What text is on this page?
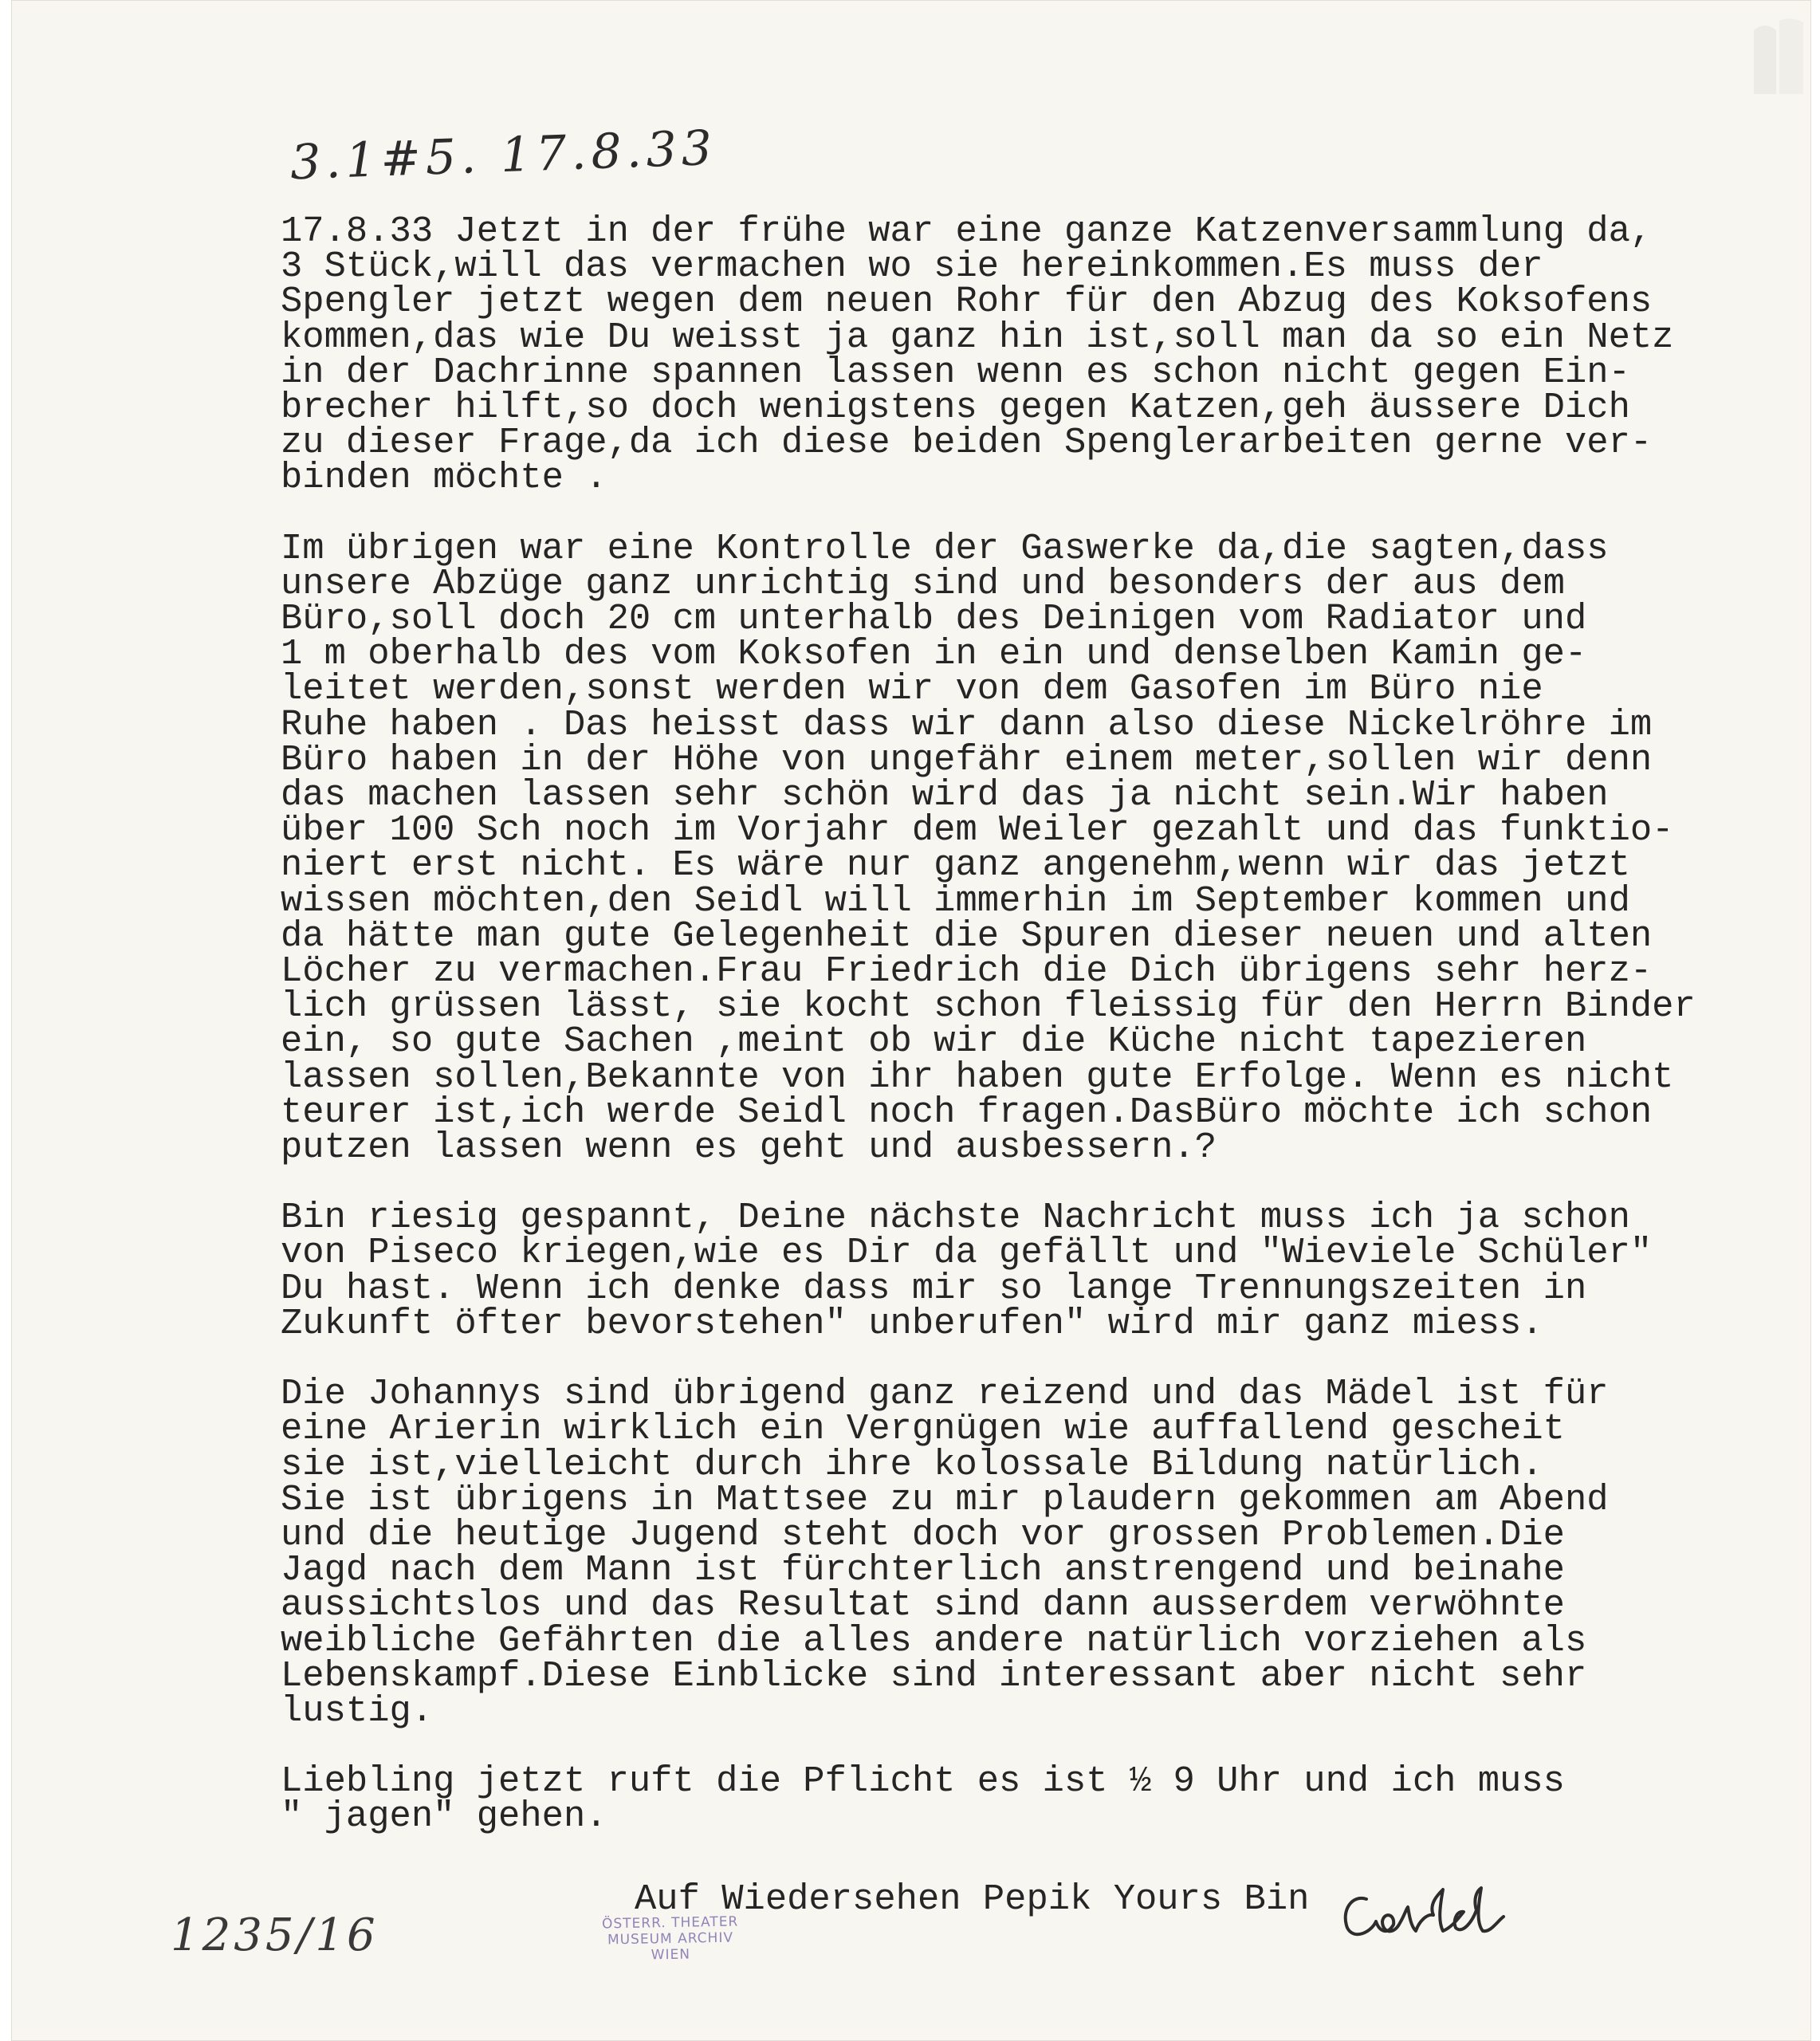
3.1#5. 17.8.33
17.8.33 Jetzt in der frühe war eine ganze Katzenversammlung da,
3 Stück,will das vermachen wo sie hereinkommen.Es muss der
Spengler jetzt wegen dem neuen Rohr für den Abzug des Koksofens
kommen,das wie Du weisst ja ganz hin ist,soll man da so ein Netz
in der Dachrinne spannen lassen wenn es schon nicht gegen Ein-
brecher hilft,so doch wenigstens gegen Katzen,geh äussere Dich
zu dieser Frage,da ich diese beiden Spenglerarbeiten gerne ver-
binden möchte .
Im übrigen war eine Kontrolle der Gaswerke da,die sagten,dass
unsere Abzüge ganz unrichtig sind und besonders der aus dem
Büro,soll doch 20 cm unterhalb des Deinigen vom Radiator und
1 m oberhalb des vom Koksofen in ein und denselben Kamin ge-
leitet werden,sonst werden wir von dem Gasofen im Büro nie
Ruhe haben . Das heisst dass wir dann also diese Nickelröhre im
Büro haben in der Höhe von ungefähr einem meter,sollen wir denn
das machen lassen sehr schön wird das ja nicht sein.Wir haben
über 100 Sch noch im Vorjahr dem Weiler gezahlt und das funktio-
niert erst nicht. Es wäre nur ganz angenehm,wenn wir das jetzt
wissen möchten,den Seidl will immerhin im September kommen und
da hätte man gute Gelegenheit die Spuren dieser neuen und alten
Löcher zu vermachen.Frau Friedrich die Dich übrigens sehr herz-
lich grüssen lässt, sie kocht schon fleissig für den Herrn Binder
ein, so gute Sachen ,meint ob wir die Küche nicht tapezieren
lassen sollen,Bekannte von ihr haben gute Erfolge. Wenn es nicht
teurer ist,ich werde Seidl noch fragen.DasBüro möchte ich schon
putzen lassen wenn es geht und ausbessern.?
Bin riesig gespannt, Deine nächste Nachricht muss ich ja schon
von Piseco kriegen,wie es Dir da gefällt und "Wieviele Schüler"
Du hast. Wenn ich denke dass mir so lange Trennungszeiten in
Zukunft öfter bevorstehen" unberufen" wird mir ganz miess.
Die Johannys sind übrigend ganz reizend und das Mädel ist für
eine Arierin wirklich ein Vergnügen wie auffallend gescheit
sie ist,vielleicht durch ihre kolossale Bildung natürlich.
Sie ist übrigens in Mattsee zu mir plaudern gekommen am Abend
und die heutige Jugend steht doch vor grossen Problemen.Die
Jagd nach dem Mann ist fürchterlich anstrengend und beinahe
aussichtslos und das Resultat sind dann ausserdem verwöhnte
weibliche Gefährten die alles andere natürlich vorziehen als
Lebenskampf.Diese Einblicke sind interessant aber nicht sehr
lustig.
Liebling jetzt ruft die Pflicht es ist ½ 9 Uhr und ich muss
" jagen" gehen.
Auf Wiedersehen Pepik Yours Bin
1235/16	ÖSTERR. THEATER
MUSEUM ARCHIV
WIEN
